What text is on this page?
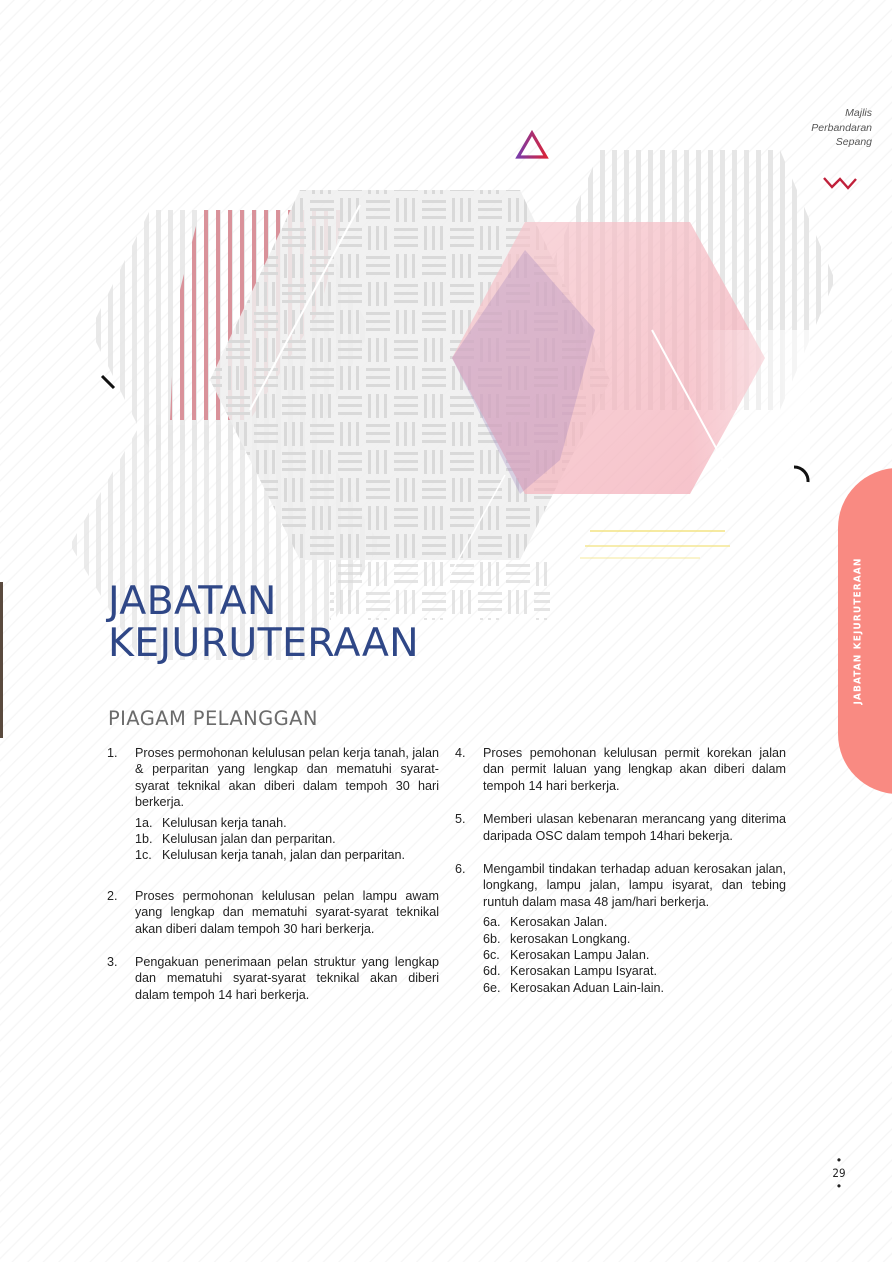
Majlis
Perbandaran
Sepang
JABATAN KEJURUTERAAN
JABATAN
KEJURUTERAAN
PIAGAM PELANGGAN
1.	Proses permohonan kelulusan pelan kerja tanah, jalan & perparitan yang lengkap dan mematuhi syarat-syarat teknikal akan diberi dalam tempoh 30 hari berkerja.
1a. Kelulusan kerja tanah.
1b. Kelulusan jalan dan perparitan.
1c. Kelulusan kerja tanah, jalan dan perparitan.
2.	Proses permohonan kelulusan pelan lampu awam yang lengkap dan mematuhi syarat-syarat teknikal akan diberi dalam tempoh 30 hari berkerja.
3.	Pengakuan penerimaan pelan struktur yang lengkap dan mematuhi syarat-syarat teknikal akan diberi dalam tempoh 14 hari berkerja.
4.	Proses pemohonan kelulusan permit korekan jalan dan permit laluan yang lengkap akan diberi dalam tempoh 14 hari berkerja.
5.	Memberi ulasan kebenaran merancang yang diterima daripada OSC dalam tempoh 14hari bekerja.
6.	Mengambil tindakan terhadap aduan kerosakan jalan, longkang, lampu jalan, lampu isyarat, dan tebing runtuh dalam masa 48 jam/hari berkerja.
6a. Kerosakan Jalan.
6b. kerosakan Longkang.
6c. Kerosakan Lampu Jalan.
6d. Kerosakan Lampu Isyarat.
6e. Kerosakan Aduan Lain-lain.
•
29
•
